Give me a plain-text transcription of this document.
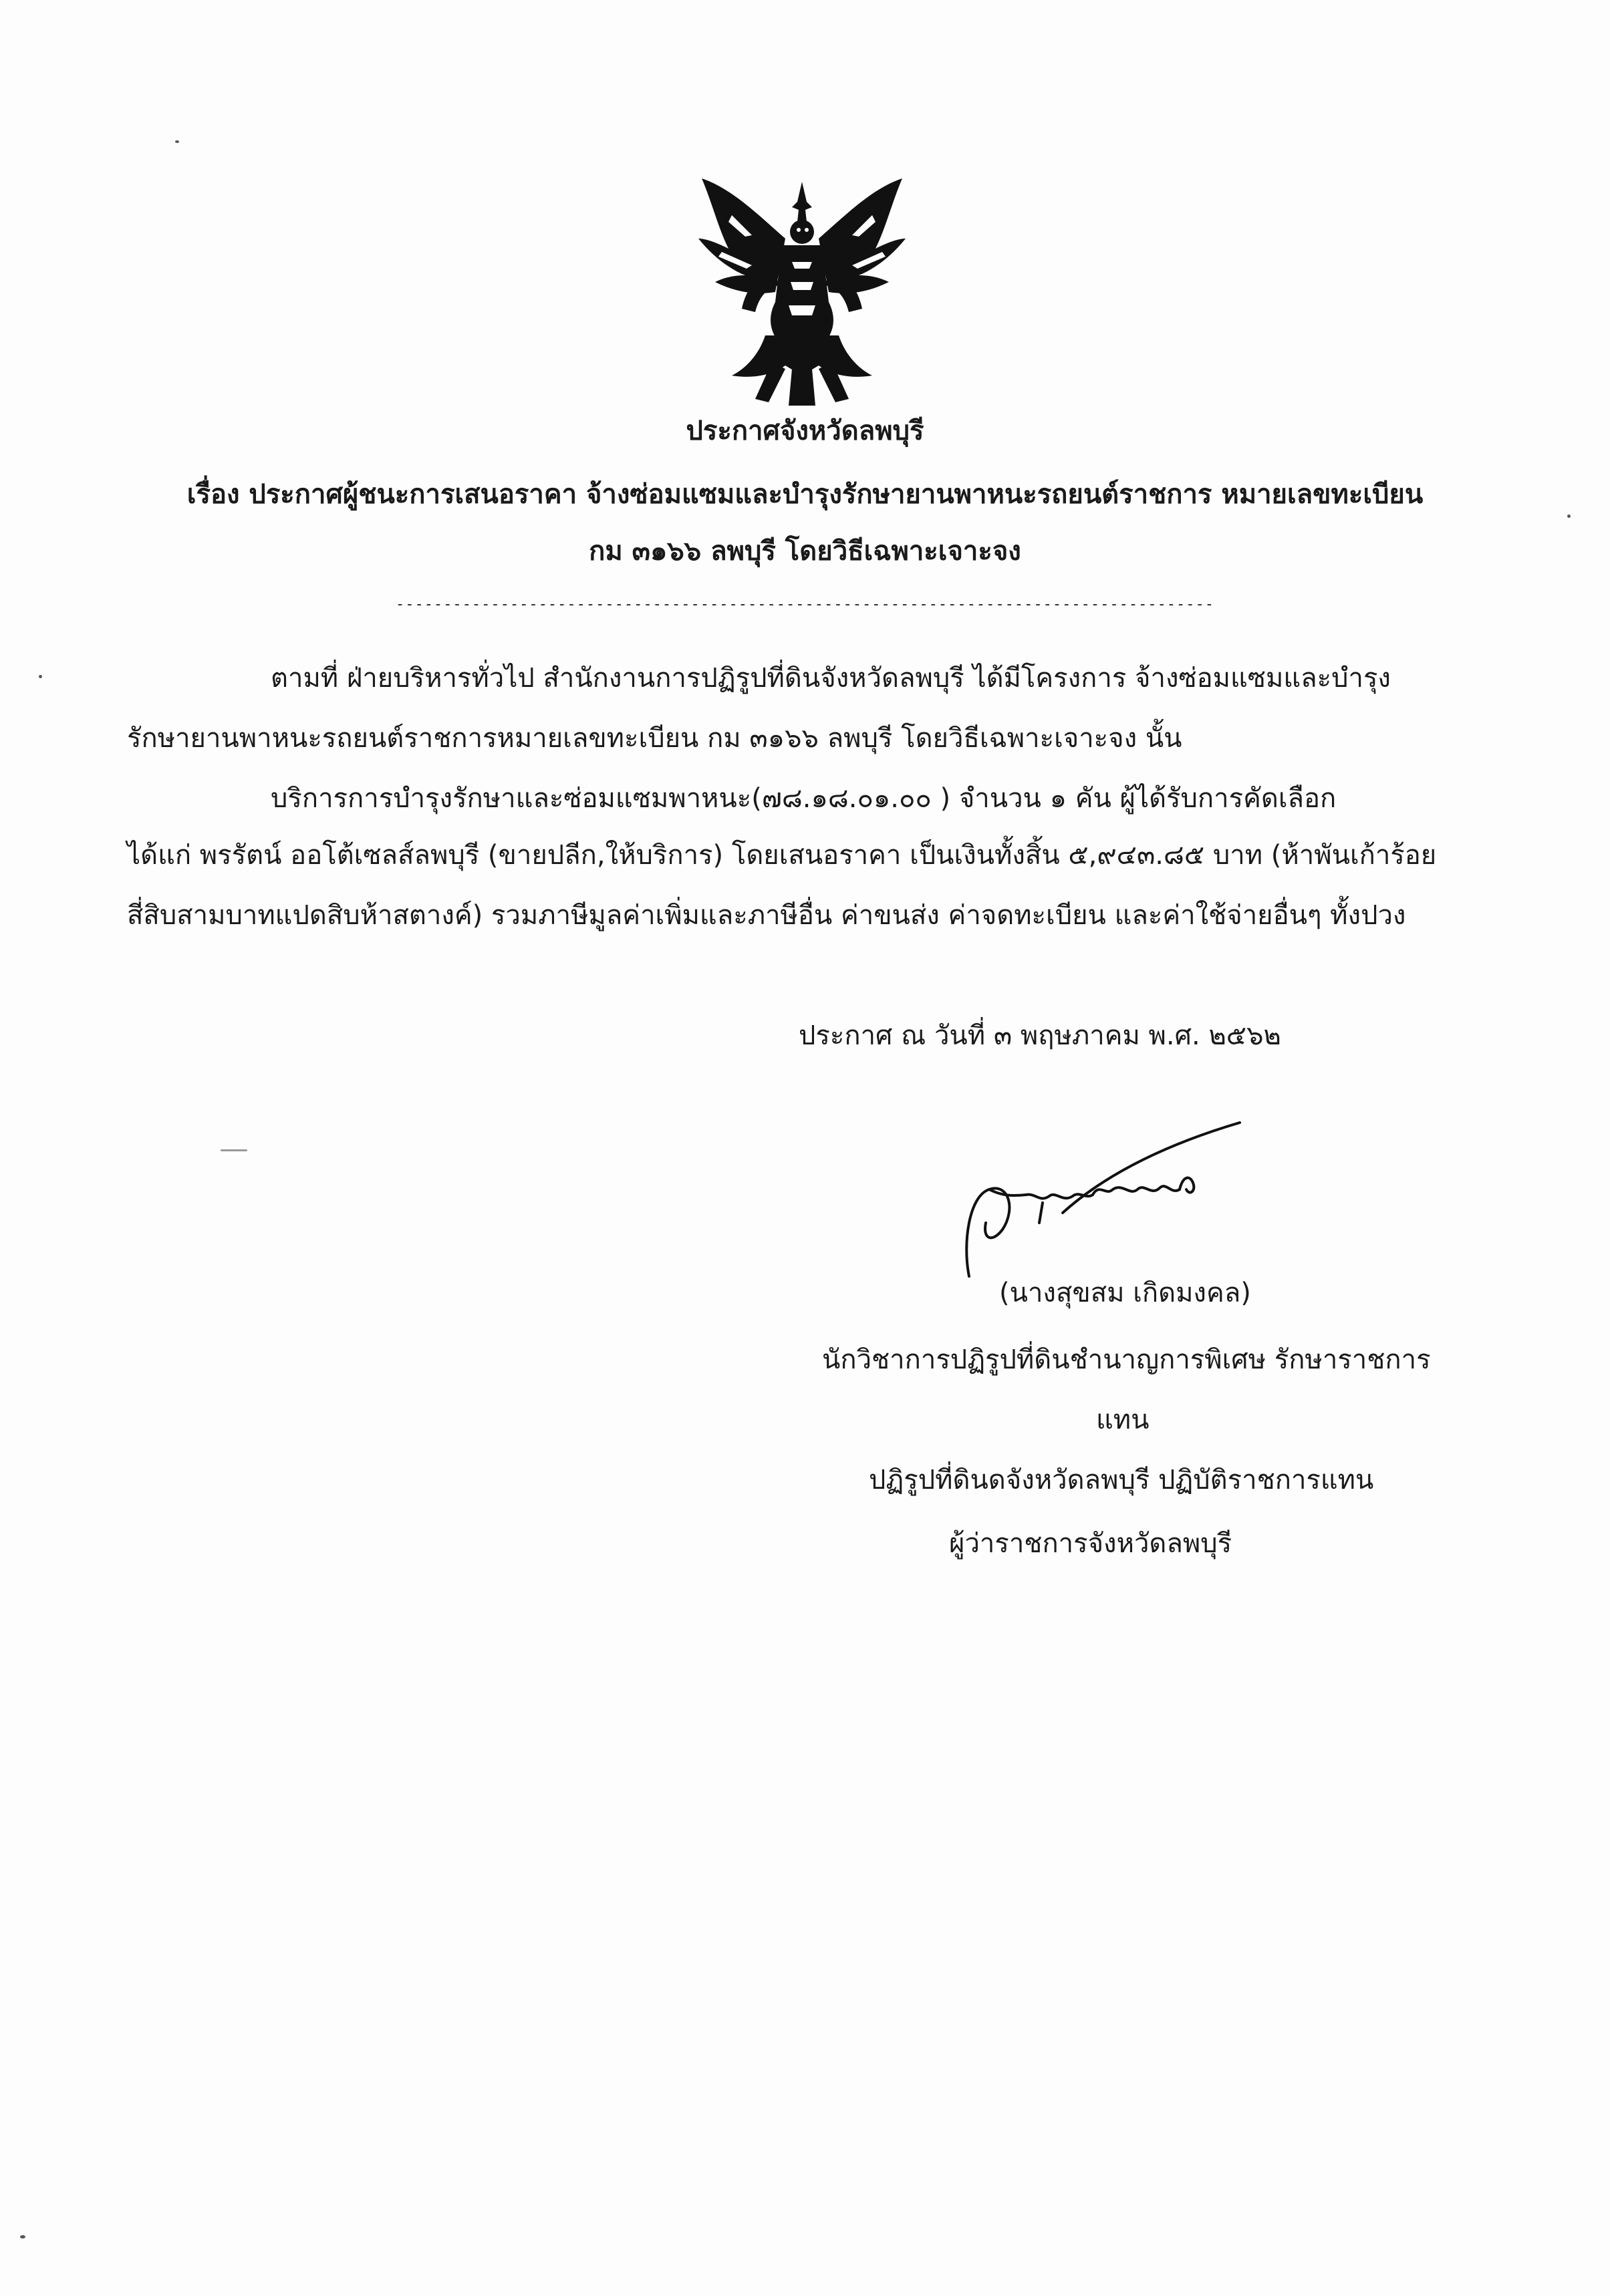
ประกาศจังหวัดลพบุรี
เรื่อง ประกาศผู้ชนะการเสนอราคา จ้างซ่อมแซมและบำรุงรักษายานพาหนะรถยนต์ราชการ หมายเลขทะเบียน
กม ๓๑๖๖ ลพบุรี โดยวิธีเฉพาะเจาะจง
--------------------------------------------------------------------------------------
ตามที่ ฝ่ายบริหารทั่วไป สำนักงานการปฏิรูปที่ดินจังหวัดลพบุรี ได้มีโครงการ จ้างซ่อมแซมและบำรุง
รักษายานพาหนะรถยนต์ราชการหมายเลขทะเบียน กม ๓๑๖๖ ลพบุรี โดยวิธีเฉพาะเจาะจง นั้น
บริการการบำรุงรักษาและซ่อมแซมพาหนะ(๗๘.๑๘.๐๑.๐๐ ) จำนวน ๑ คัน ผู้ได้รับการคัดเลือก
ได้แก่ พรรัตน์ ออโต้เซลส์ลพบุรี (ขายปลีก,ให้บริการ) โดยเสนอราคา เป็นเงินทั้งสิ้น ๕,๙๔๓.๘๕ บาท (ห้าพันเก้าร้อย
สี่สิบสามบาทแปดสิบห้าสตางค์) รวมภาษีมูลค่าเพิ่มและภาษีอื่น ค่าขนส่ง ค่าจดทะเบียน และค่าใช้จ่ายอื่นๆ ทั้งปวง
ประกาศ ณ วันที่ ๓ พฤษภาคม พ.ศ. ๒๕๖๒
(นางสุขสม เกิดมงคล)
นักวิชาการปฏิรูปที่ดินชำนาญการพิเศษ รักษาราชการ
แทน
ปฏิรูปที่ดินดจังหวัดลพบุรี ปฏิบัติราชการแทน
ผู้ว่าราชการจังหวัดลพบุรี
